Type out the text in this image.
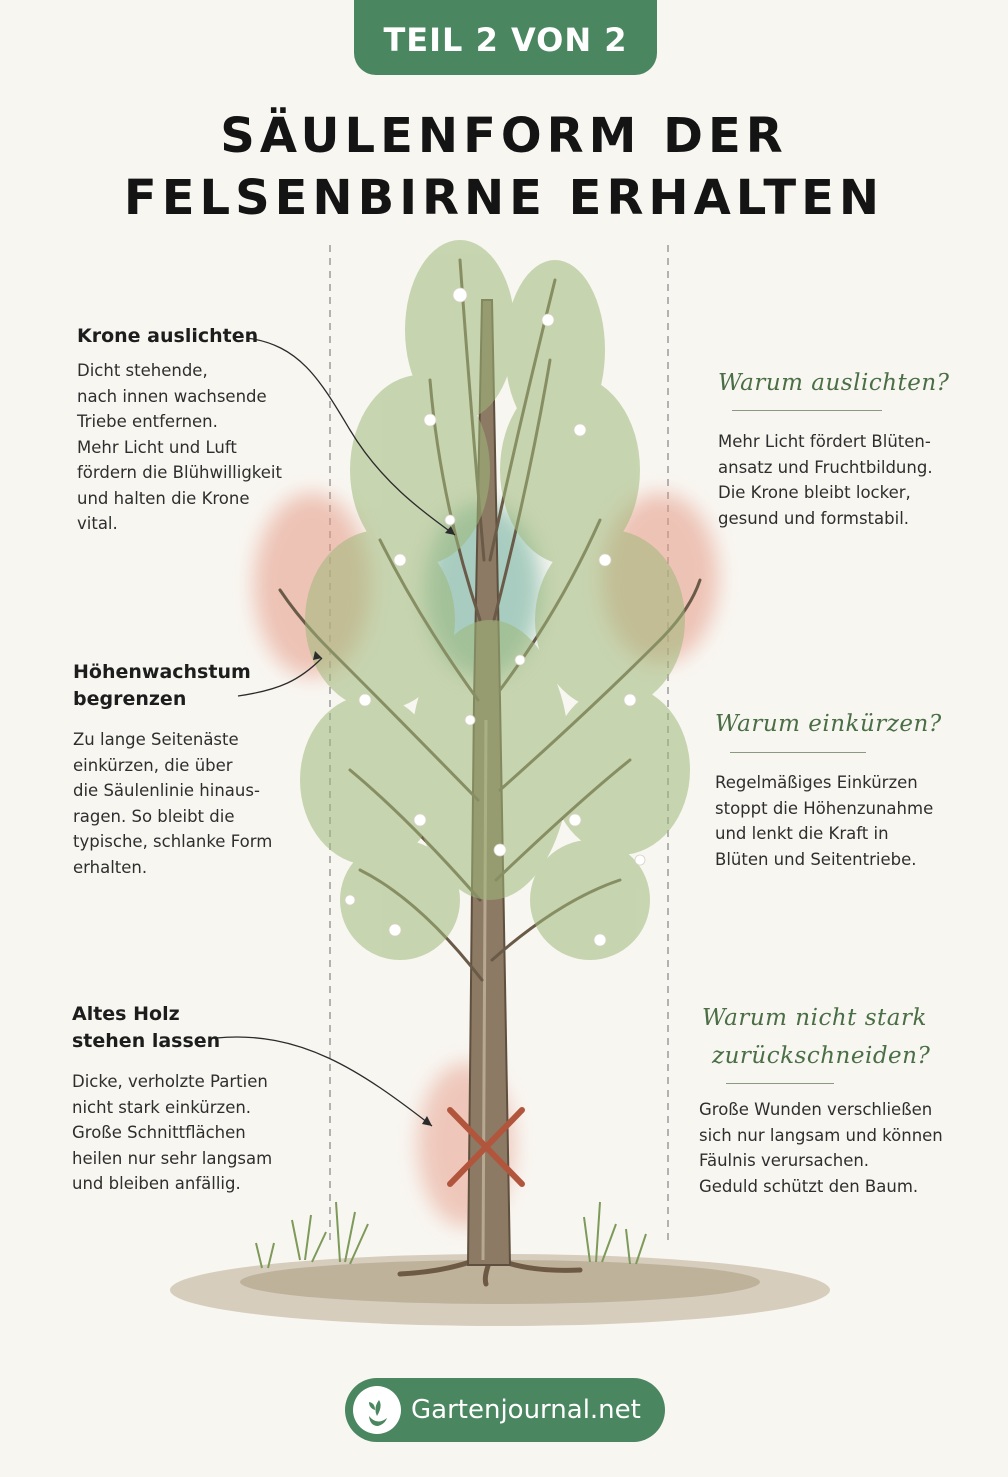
TEIL 2 VON 2
SÄULENFORM DER
FELSENBIRNE ERHALTEN
Krone auslichten
Dicht stehende,
nach innen wachsende
Triebe entfernen.
Mehr Licht und Luft
fördern die Blühwilligkeit
und halten die Krone
vital.
Höhenwachstum
begrenzen
Zu lange Seitenäste
einkürzen, die über
die Säulenlinie hinaus-
ragen. So bleibt die
typische, schlanke Form
erhalten.
Altes Holz
stehen lassen
Dicke, verholzte Partien
nicht stark einkürzen.
Große Schnittflächen
heilen nur sehr langsam
und bleiben anfällig.
Warum auslichten?
Mehr Licht fördert Blüten-
ansatz und Fruchtbildung.
Die Krone bleibt locker,
gesund und formstabil.
Warum einkürzen?
Regelmäßiges Einkürzen
stoppt die Höhenzunahme
und lenkt die Kraft in
Blüten und Seitentriebe.
Warum nicht stark
zurückschneiden?
Große Wunden verschließen
sich nur langsam und können
Fäulnis verursachen.
Geduld schützt den Baum.
Gartenjournal.net
